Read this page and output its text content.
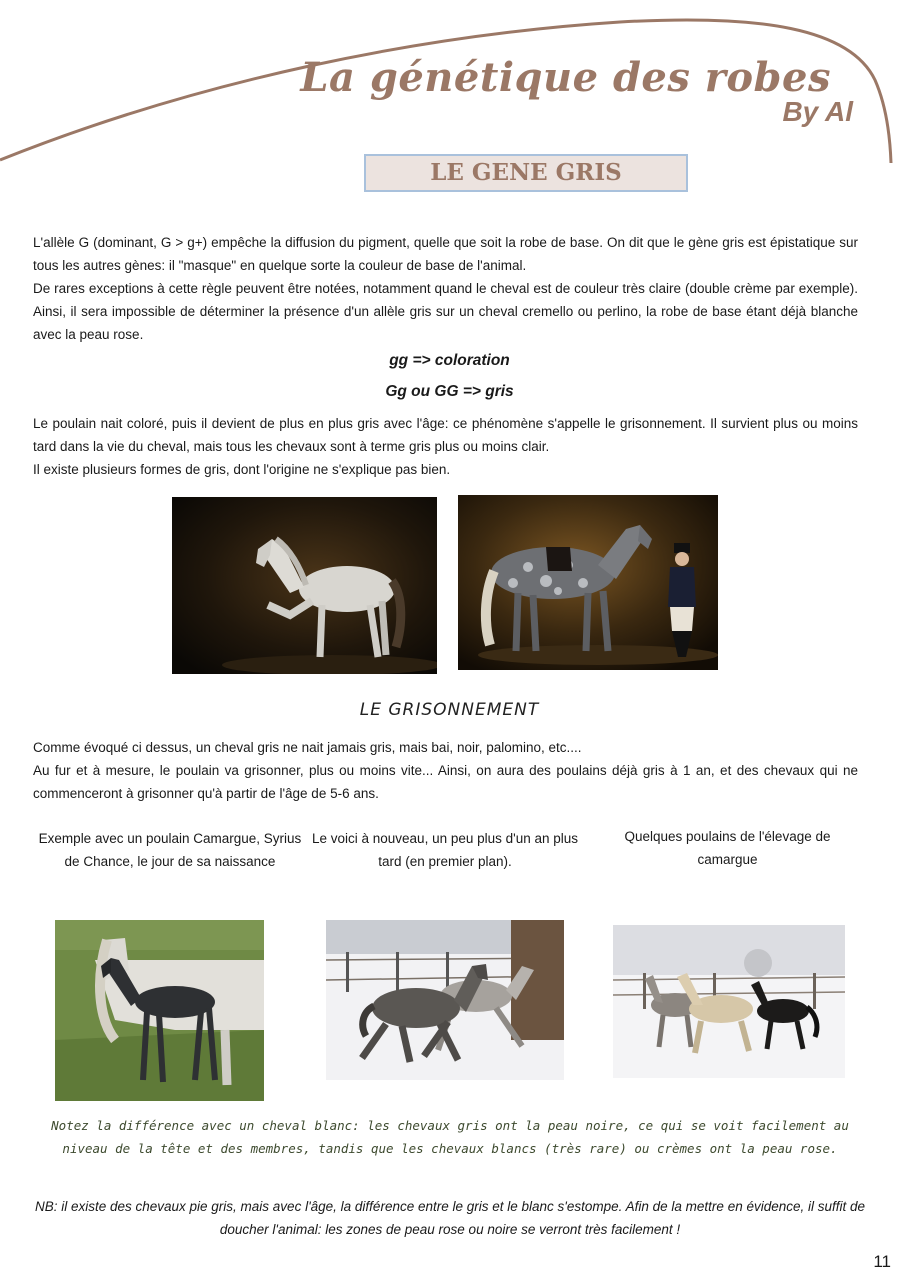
La génétique des robes
By Al
LE GENE GRIS

L'allèle G (dominant, G > g+) empêche la diffusion du pigment, quelle que soit la robe de base. On dit que le gène gris est épistatique sur tous les autres gènes: il "masque" en quelque sorte la couleur de base de l'animal.

De rares exceptions à cette règle peuvent être notées, notamment quand le cheval est de couleur très claire (double crème par exemple). Ainsi, il sera impossible de déterminer la présence d'un allèle gris sur un cheval cremello ou perlino, la robe de base étant déjà blanche avec la peau rose.

gg => coloration
Gg ou GG => gris

Le poulain nait coloré, puis il devient de plus en plus gris avec l'âge: ce phénomène s'appelle le grisonnement. Il survient plus ou moins tard dans la vie du cheval, mais tous les chevaux sont à terme gris plus ou moins clair.

Il existe plusieurs formes de gris, dont l'origine ne s'explique pas bien.

LE GRISONNEMENT

Comme évoqué ci dessus, un cheval gris ne nait jamais gris, mais bai, noir, palomino, etc....

Au fur et à mesure, le poulain va grisonner, plus ou moins vite... Ainsi, on aura des poulains déjà gris à 1 an, et des chevaux qui ne commenceront à grisonner qu'à partir de l'âge de 5-6 ans.

Exemple avec un poulain Camargue, Syrius de Chance, le jour de sa naissance
Le voici à nouveau, un peu plus d'un an plus tard (en premier plan).
Quelques poulains de l'élevage de camargue
Notez la différence avec un cheval blanc: les chevaux gris ont la peau noire, ce qui se voit facilement au niveau de la tête et des membres, tandis que les chevaux blancs (très rare) ou crèmes ont la peau rose.
NB: il existe des chevaux pie gris, mais avec l'âge, la différence entre le gris et le blanc s'estompe. Afin de la mettre en évidence, il suffit de doucher l'animal: les zones de peau rose ou noire se verront très facilement !
11
